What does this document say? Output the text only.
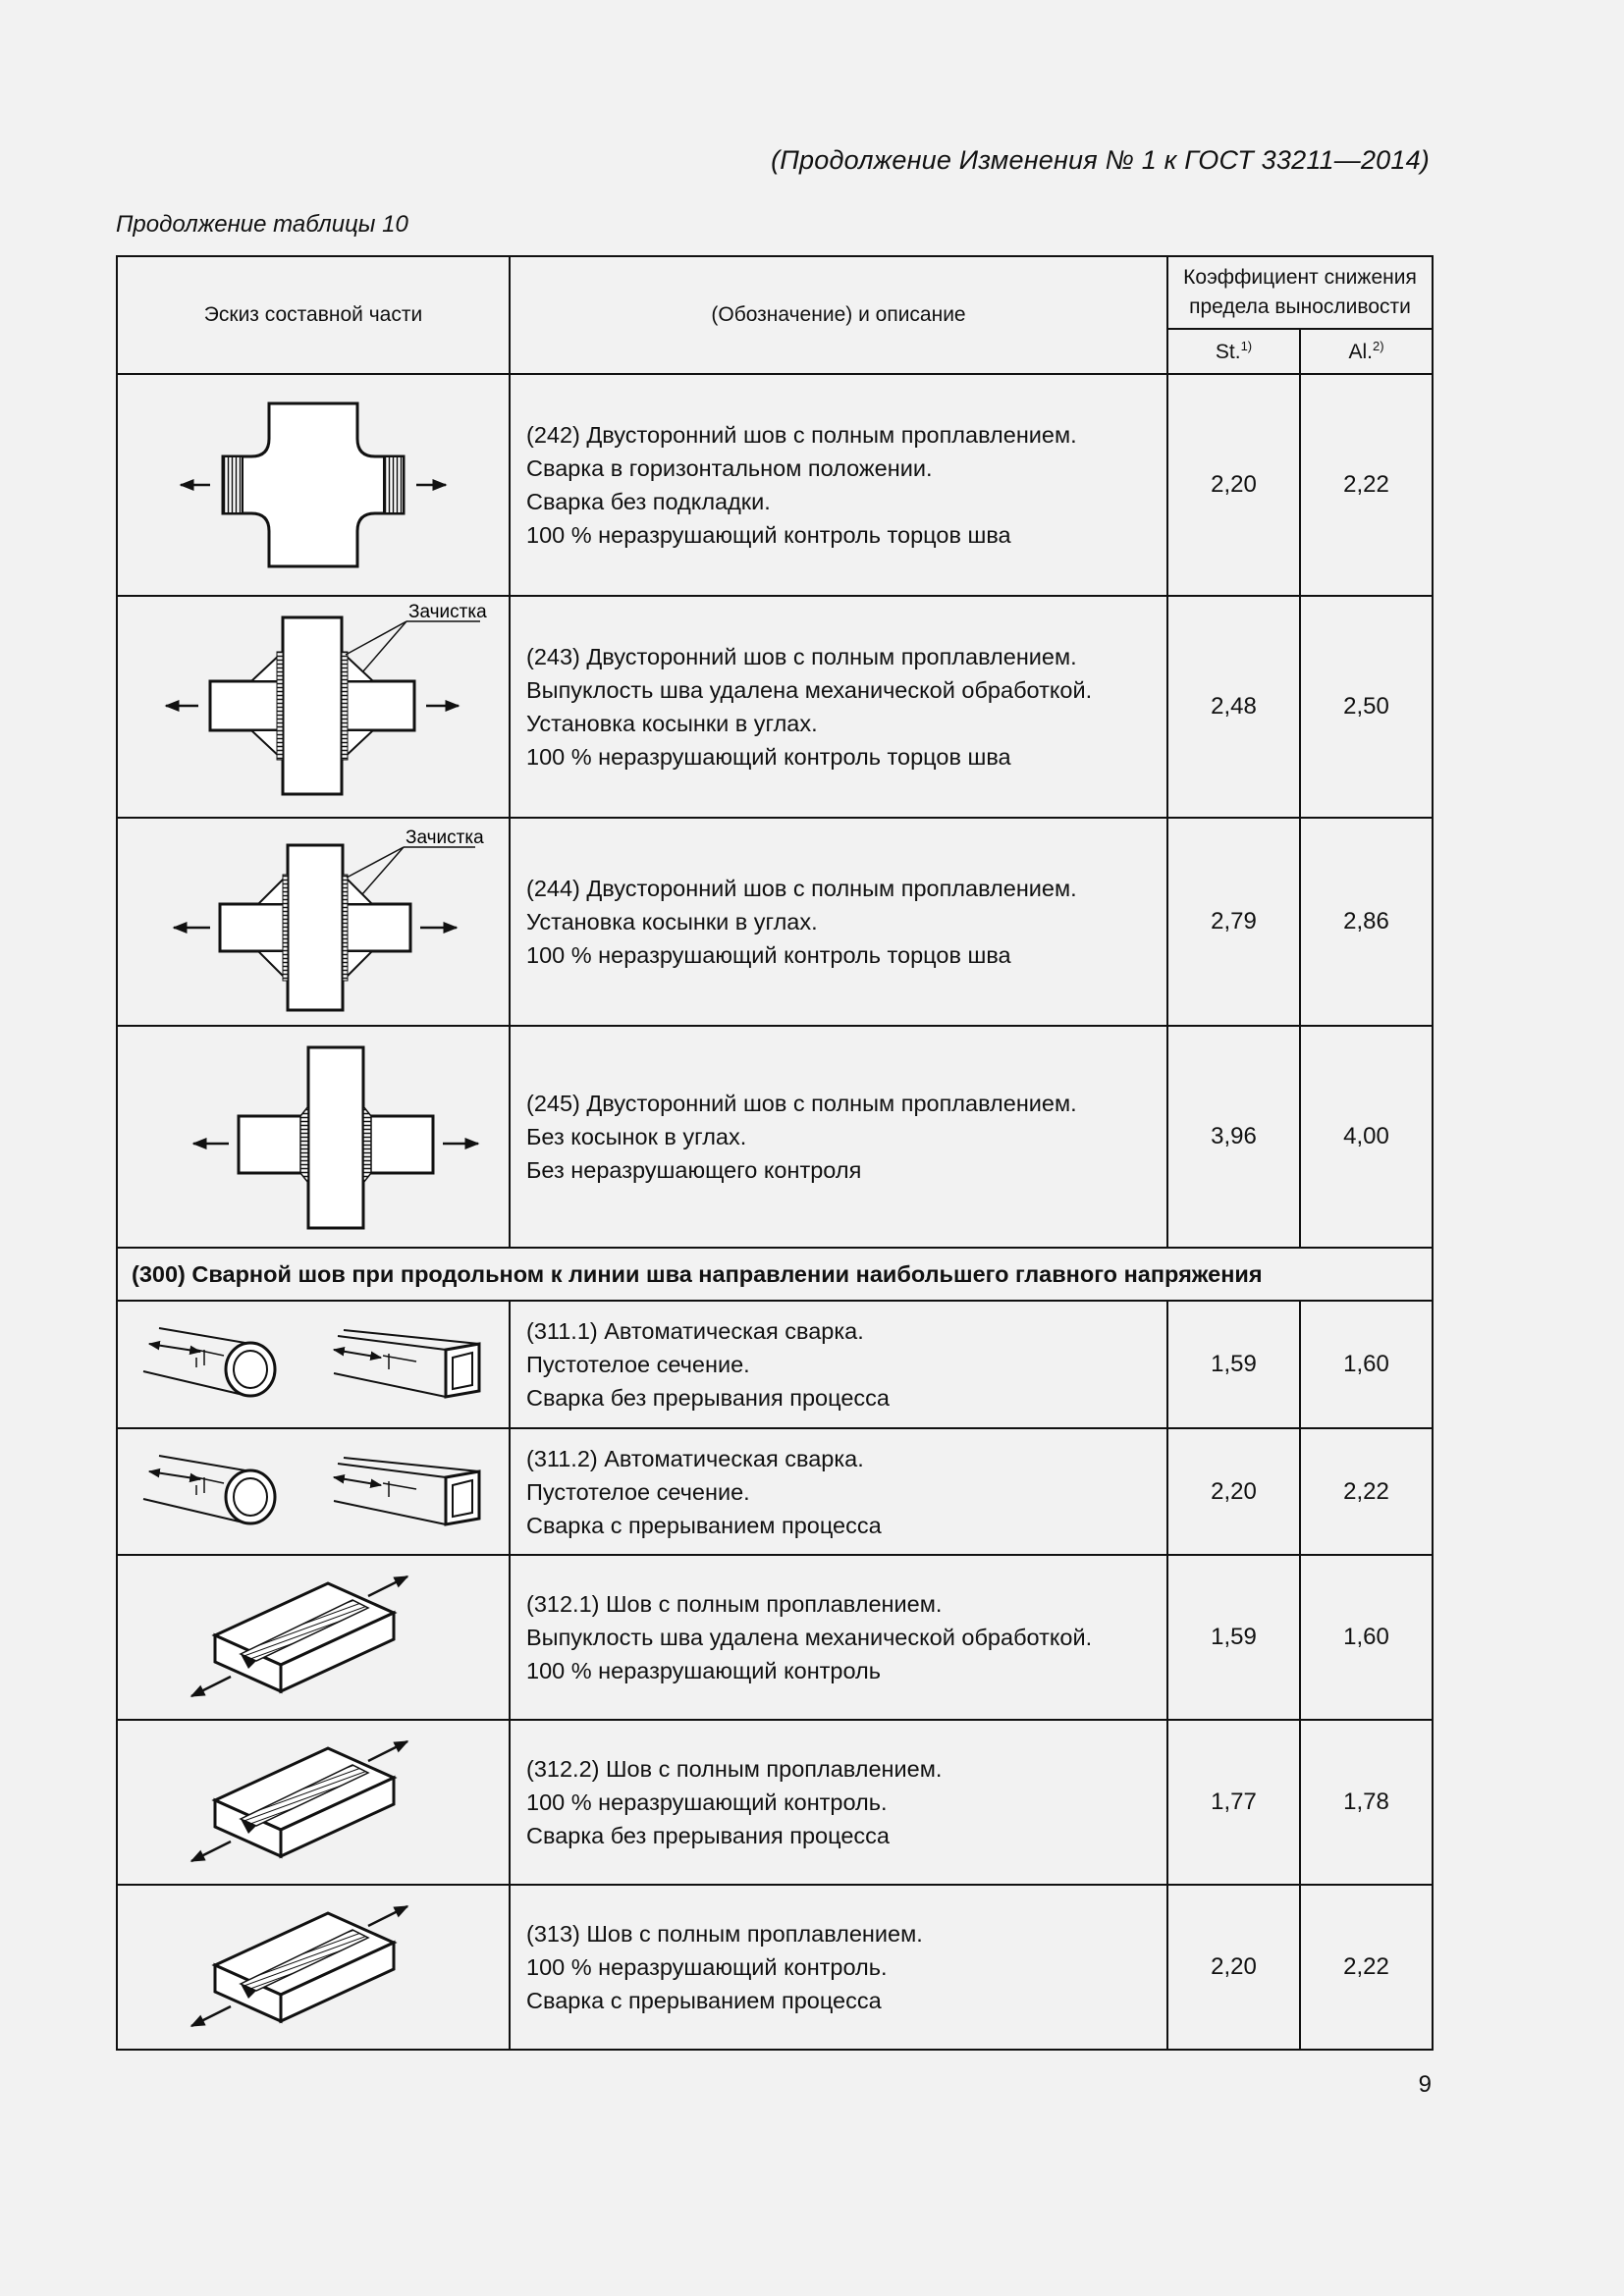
(Продолжение Изменения № 1 к ГОСТ 33211—2014)
Продолжение таблицы 10
Эскиз составной части	(Обозначение) и описание	Коэффициент снижения предела выносливости	
		St.$^{1)}$	Al.$^{2)}$

(242) Двусторонний шов с полным проплавлением.
Сварка в горизонтальном положении.
Сварка без подкладки.
100 % неразрушающий контроль торцов шва	2,20	2,22

Зачистка	(243) Двусторонний шов с полным проплавлением.
Выпуклость шва удалена механической обработкой.
Установка косынки в углах.
100 % неразрушающий контроль торцов шва	2,48	2,50

Зачистка	(244) Двусторонний шов с полным проплавлением.
Установка косынки в углах.
100 % неразрушающий контроль торцов шва	2,79	2,86

(245) Двусторонний шов с полным проплавлением.
Без косынок в углах.
Без неразрушающего контроля	3,96	4,00
(300) Сварной шов при продольном к линии шва направлении наибольшего главного напряжения			

(311.1) Автоматическая сварка.
Пустотелое сечение.
Сварка без прерывания процесса	1,59	1,60

(311.2) Автоматическая сварка.
Пустотелое сечение.
Сварка с прерыванием процесса	2,20	2,22

(312.1) Шов с полным проплавлением.
Выпуклость шва удалена механической обработкой.
100 % неразрушающий контроль	1,59	1,60

(312.2) Шов с полным проплавлением.
100 % неразрушающий контроль.
Сварка без прерывания процесса	1,77	1,78

(313) Шов с полным проплавлением.
100 % неразрушающий контроль.
Сварка с прерыванием процесса	2,20	2,22
9
